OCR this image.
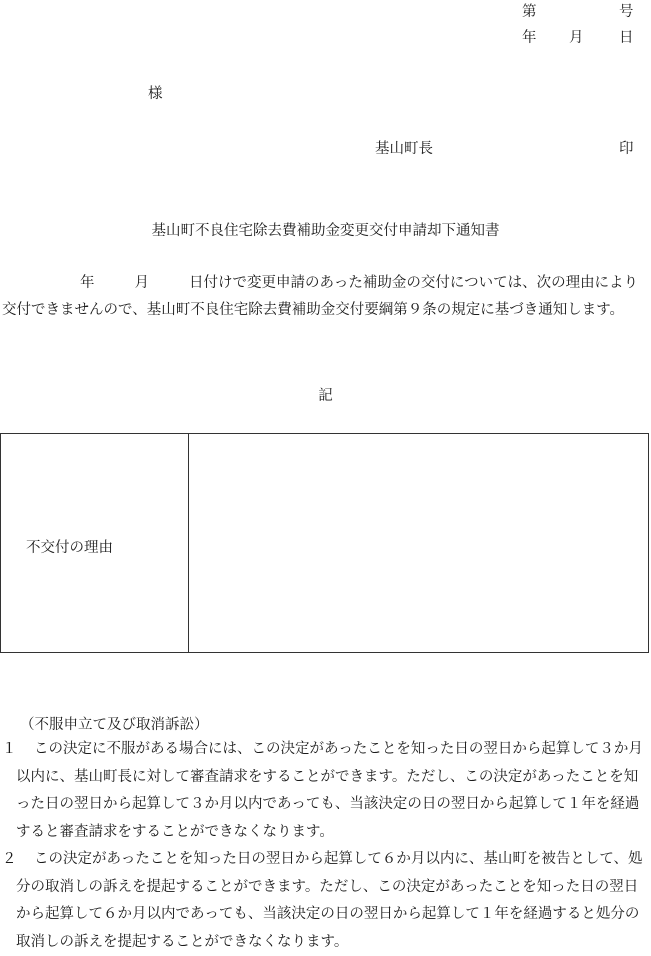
第	号
年 月 日
様
基山町長	印
基山町不良住宅除去費補助金変更交付申請却下通知書
年	月	日付けで変更申請のあった補助金の交付については、次の理由により交付できませんので、基山町不良住宅除去費補助金交付要綱第９条の規定に基づき通知します。
記
不交付の理由
（不服申立て及び取消訴訟）
１	この決定に不服がある場合には、この決定があったことを知った日の翌日から起算して３か月以内に、基山町長に対して審査請求をすることができます。ただし、この決定があったことを知った日の翌日から起算して３か月以内であっても、当該決定の日の翌日から起算して１年を経過すると審査請求をすることができなくなります。
２	この決定があったことを知った日の翌日から起算して６か月以内に、基山町を被告として、処分の取消しの訴えを提起することができます。ただし、この決定があったことを知った日の翌日から起算して６か月以内であっても、当該決定の日の翌日から起算して１年を経過すると処分の取消しの訴えを提起することができなくなります。
